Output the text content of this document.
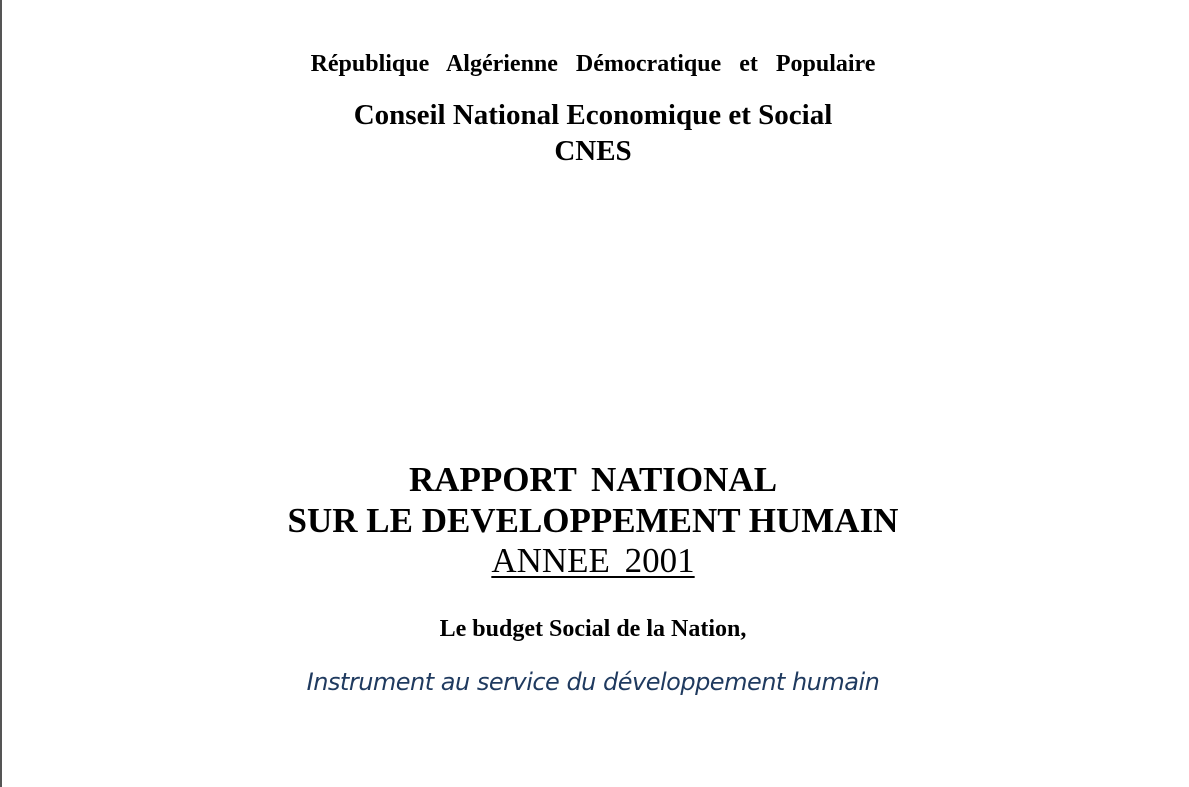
République Algérienne Démocratique et Populaire
Conseil National Economique et Social
CNES
RAPPORT NATIONAL
SUR LE DEVELOPPEMENT HUMAIN
ANNEE 2001
Le budget Social de la Nation,
Instrument au service du développement humain
